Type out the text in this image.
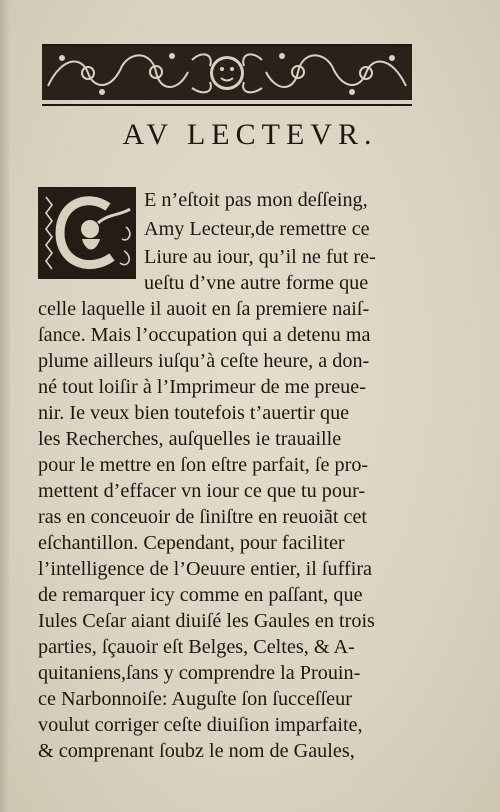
AV LECTEVR.
C
E n’eſtoit pas mon deſſeing,
Amy Lecteur,de remettre ce
Liure au iour, qu’il ne fut re-
ueſtu d’vne autre forme que
celle laquelle il auoit en ſa premiere naiſ-
ſance. Mais l’occupation qui a detenu ma
plume ailleurs iuſqu’à ceſte heure, a don-
né tout loiſir à l’Imprimeur de me preue-
nir. Ie veux bien toutefois t’auertir que
les Recherches, auſquelles ie trauaille
pour le mettre en ſon eſtre parfait, ſe pro-
mettent d’effacer vn iour ce que tu pour-
ras en conceuoir de ſiniſtre en reuoiãt cet
eſchantillon. Cependant, pour faciliter
l’intelligence de l’Oeuure entier, il ſuffira
de remarquer icy comme en paſſant, que
Iules Ceſar aiant diuiſé les Gaules en trois
parties, ſçauoir eſt Belges, Celtes, & A-
quitaniens,ſans y comprendre la Prouin-
ce Narbonnoiſe: Auguſte ſon ſucceſſeur
voulut corriger ceſte diuiſion imparfaite,
& comprenant ſoubz le nom de Gaules,
